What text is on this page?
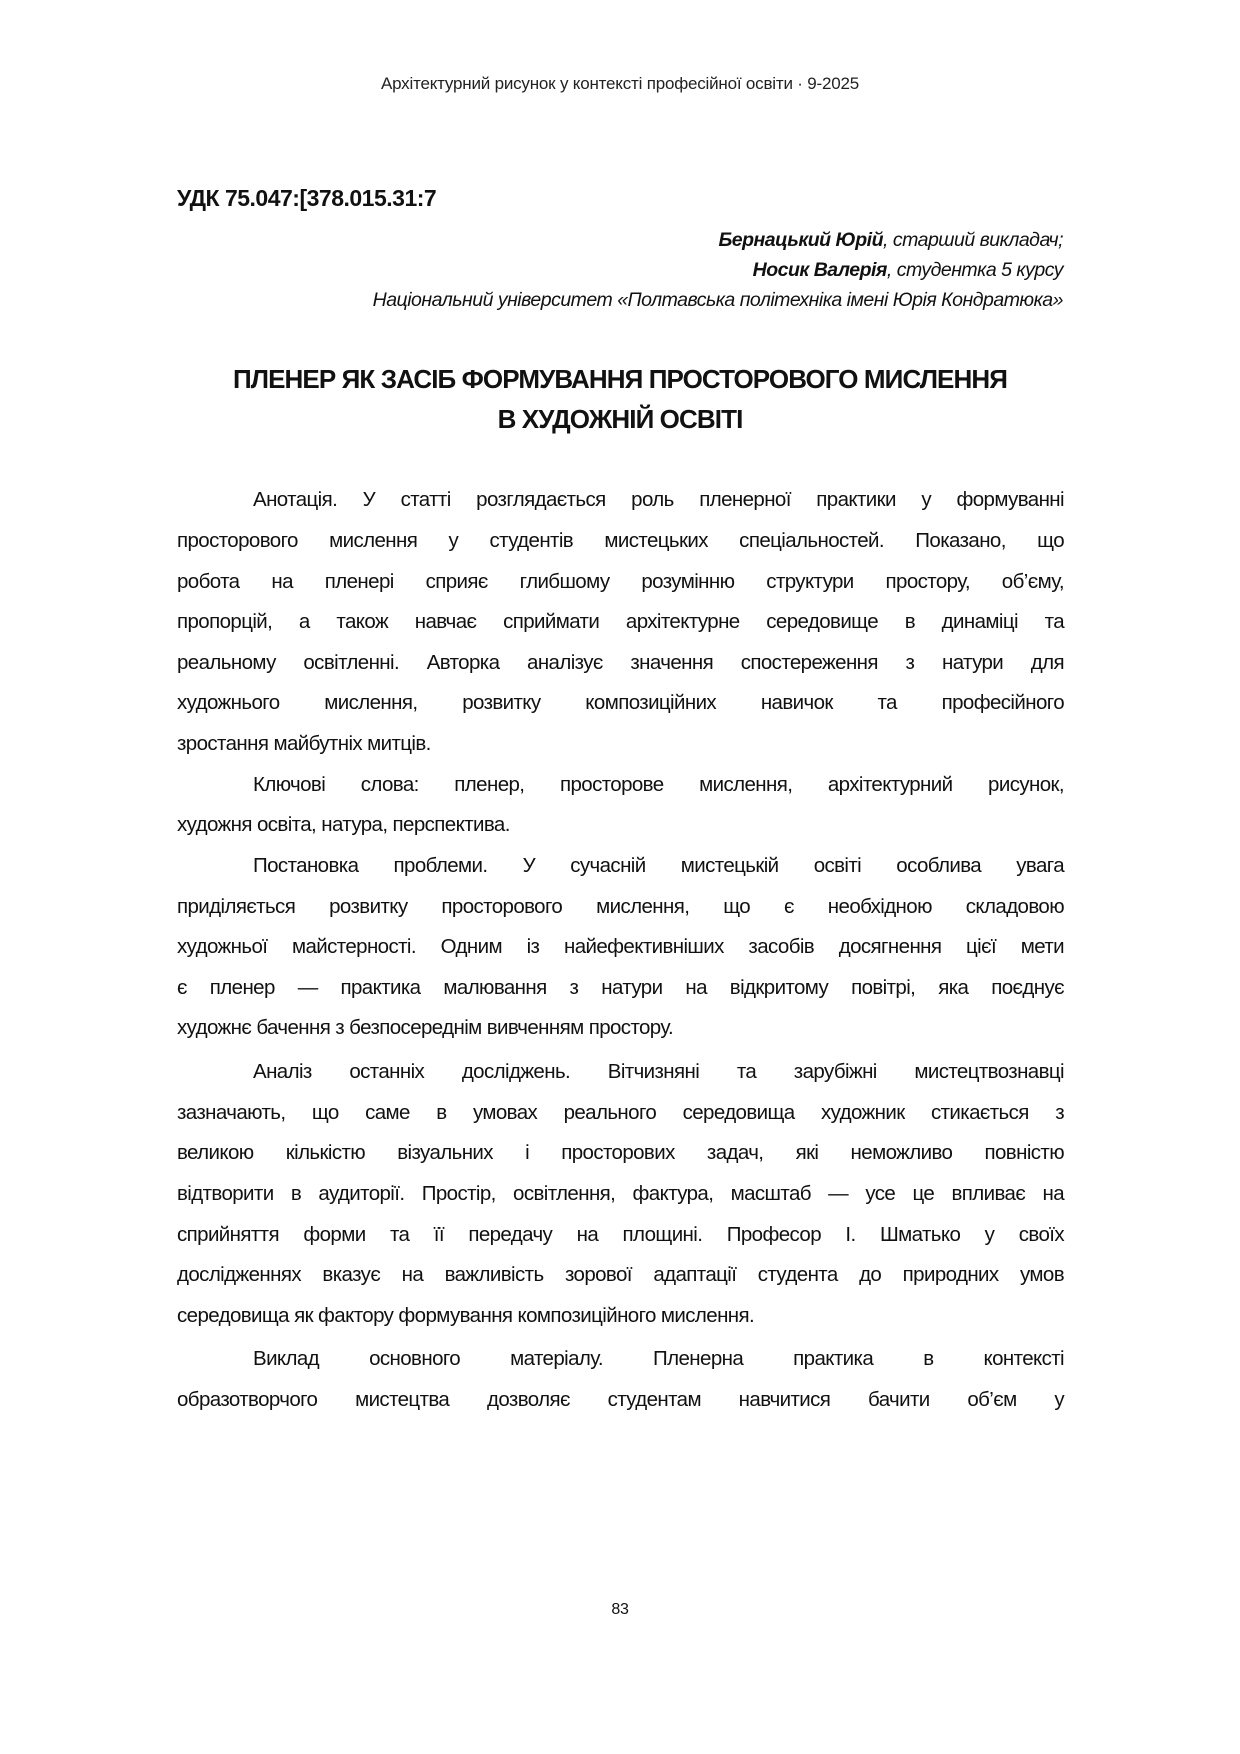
Архітектурний рисунок у контексті професійної освіти · 9-2025
УДК 75.047:[378.015.31:7
Бернацький Юрій, старший викладач;
Носик Валерія, студентка 5 курсу
Національний університет «Полтавська політехніка імені Юрія Кондратюка»
ПЛЕНЕР ЯК ЗАСІБ ФОРМУВАННЯ ПРОСТОРОВОГО МИСЛЕННЯ
В ХУДОЖНІЙ ОСВІТІ
Анотація. У статті розглядається роль пленерної практики у формуванні
просторового мислення у студентів мистецьких спеціальностей. Показано, що
робота на пленері сприяє глибшому розумінню структури простору, об’єму,
пропорцій, а також навчає сприймати архітектурне середовище в динаміці та
реальному освітленні. Авторка аналізує значення спостереження з натури для
художнього мислення, розвитку композиційних навичок та професійного
зростання майбутніх митців.
Ключові слова: пленер, просторове мислення, архітектурний рисунок,
художня освіта, натура, перспектива.
Постановка проблеми. У сучасній мистецькій освіті особлива увага
приділяється розвитку просторового мислення, що є необхідною складовою
художньої майстерності. Одним із найефективніших засобів досягнення цієї мети
є пленер — практика малювання з натури на відкритому повітрі, яка поєднує
художнє бачення з безпосереднім вивченням простору.
Аналіз останніх досліджень. Вітчизняні та зарубіжні мистецтвознавці
зазначають, що саме в умовах реального середовища художник стикається з
великою кількістю візуальних і просторових задач, які неможливо повністю
відтворити в аудиторії. Простір, освітлення, фактура, масштаб — усе це впливає на
сприйняття форми та її передачу на площині. Професор І. Шматько у своїх
дослідженнях вказує на важливість зорової адаптації студента до природних умов
середовища як фактору формування композиційного мислення.
Виклад основного матеріалу. Пленерна практика в контексті
образотворчого мистецтва дозволяє студентам навчитися бачити об’єм у
83
